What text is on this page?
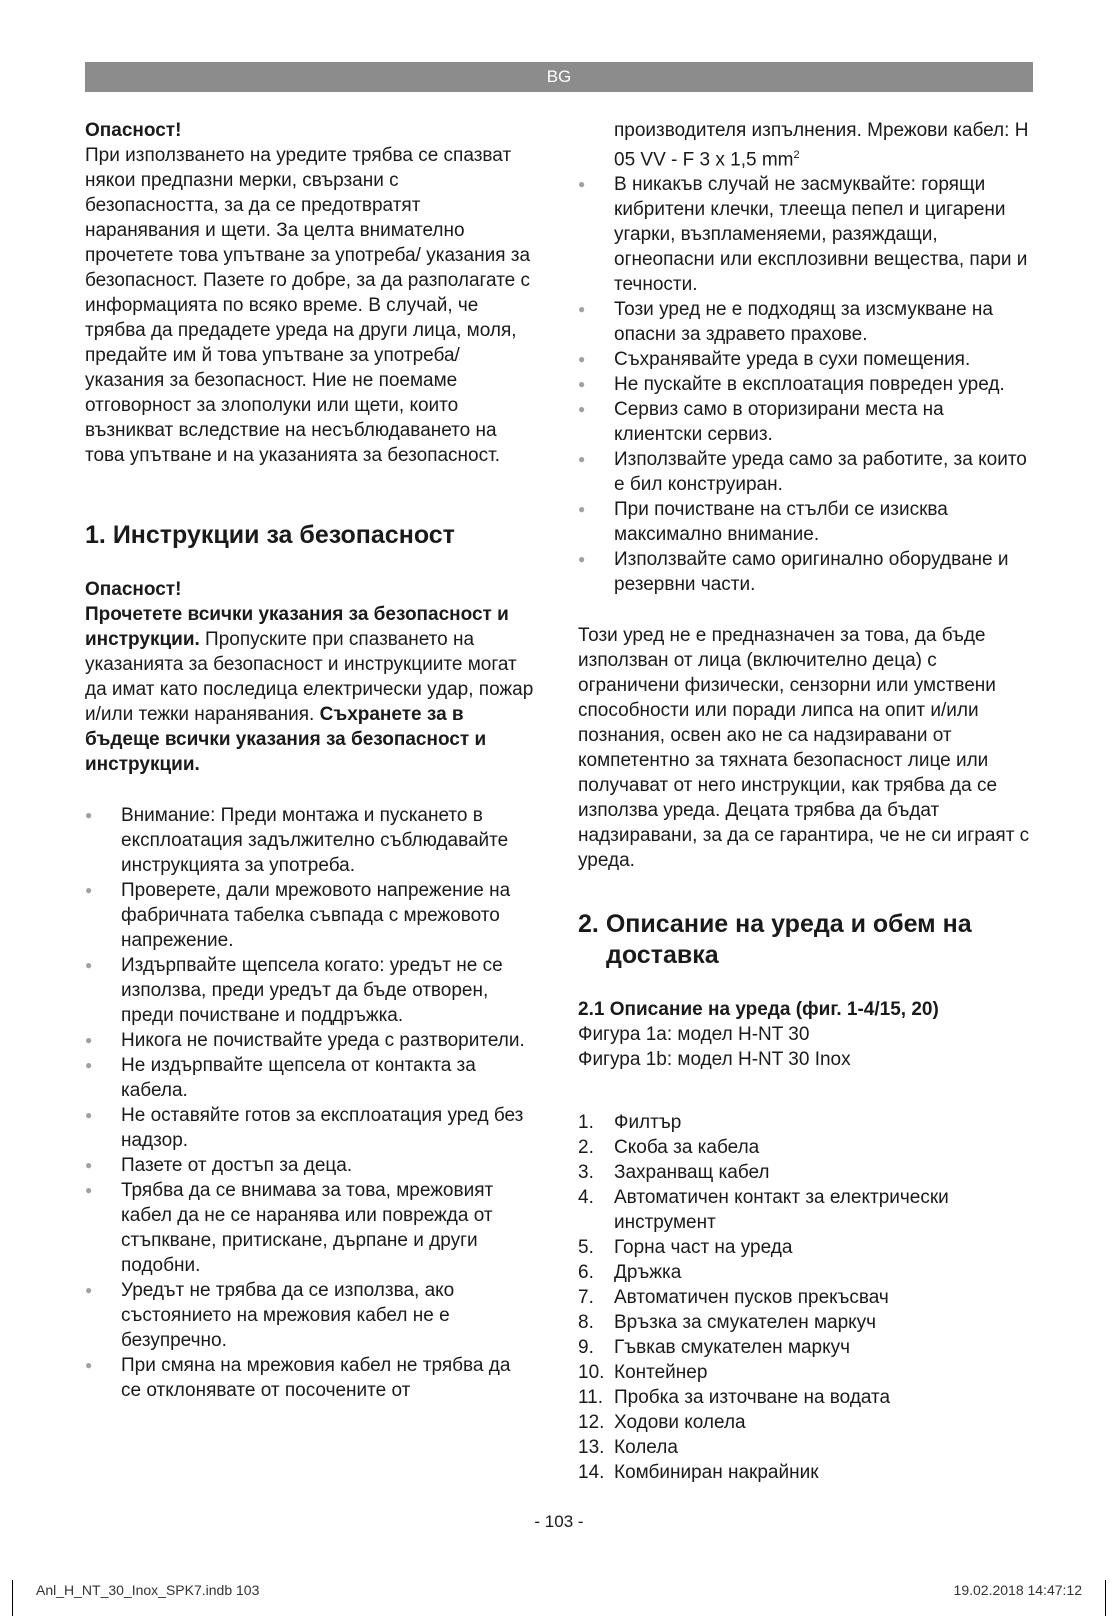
BG

Опасност!

При използването на уредите трябва се спазват някои предпазни мерки, свързани с безопасността, за да се предотвратят наранявания и щети. За целта внимателно прочетете това упътване за употреба/ указания за безопасност. Пазете го добре, за да разполагате с информацията по всяко време. В случай, че трябва да предадете уреда на други лица, моля, предайте им й това упътване за употреба/указания за безопасност. Ние не поемаме отговорност за злополуки или щети, които възникват вследствие на несъблюдаването на това упътване и на указанията за безопасност.

1. Инструкции за безопасност

Опасност!

Прочетете всички указания за безопасност и инструкции. Пропуските при спазването на указанията за безопасност и инструкциите могат да имат като последица електрически удар, пожар и/или тежки наранявания. Съхранете за в бъдеще всички указания за безопасност и инструкции.

● Внимание: Преди монтажа и пускането в експлоатация задължително съблюдавайте инструкцията за употреба.
● Проверете, дали мрежовото напрежение на фабричната табелка съвпада с мрежовото напрежение.
● Издърпвайте щепсела когато: уредът не се използва, преди уредът да бъде отворен, преди почистване и поддръжка.
● Никога не почиствайте уреда с разтворители.
● Не издърпвайте щепсела от контакта за кабела.
● Не оставяйте готов за експлоатация уред без надзор.
● Пазете от достъп за деца.
● Трябва да се внимава за това, мрежовият кабел да не се наранява или поврежда от стъпкване, притискане, дърпане и други подобни.
● Уредът не трябва да се използва, ако състоянието на мрежовия кабел не е безупречно.
● При смяна на мрежовия кабел не трябва да се отклонявате от посочените от

производителя изпълнения. Мрежови кабел: H 05 VV - F 3 x 1,5 $mm^2$

● В никакъв случай не засмуквайте: горящи кибритени клечки, тлееща пепел и цигарени угарки, възпламеняеми, разяждащи, огнеопасни или експлозивни вещества, пари и течности.
● Този уред не е подходящ за изсмукване на опасни за здравето прахове.
● Съхранявайте уреда в сухи помещения.
● Не пускайте в експлоатация повреден уред.
● Сервиз само в оторизирани места на клиентски сервиз.
● Използвайте уреда само за работите, за които е бил конструиран.
● При почистване на стълби се изисква максимално внимание.
● Използвайте само оригинално оборудване и резервни части.

Този уред не е предназначен за това, да бъде използван от лица (включително деца) с ограничени физически, сензорни или умствени способности или поради липса на опит и/или познания, освен ако не са надзиравани от компетентно за тяхната безопасност лице или получават от него инструкции, как трябва да се използва уреда. Децата трябва да бъдат надзиравани, за да се гарантира, че не си играят с уреда.

2. Описание на уреда и обем на
доставка

2.1 Описание на уреда (фиг. 1-4/15, 20)

Фигура 1a: модел H-NT 30

Фигура 1b: модел H-NT 30 Inox

1. Филтър
2. Скоба за кабела
3. Захранващ кабел
4. Автоматичен контакт за електрически инструмент
5. Горна част на уреда
6. Дръжка
7. Автоматичен пусков прекъсвач
8. Връзка за смукателен маркуч
9. Гъвкав смукателен маркуч
10. Контейнер
11. Пробка за източване на водата
12. Ходови колела
13. Колела
14. Комбиниран накрайник
- 103 -
Anl_H_NT_30_Inox_SPK7.indb 103	19.02.2018 14:47:12
